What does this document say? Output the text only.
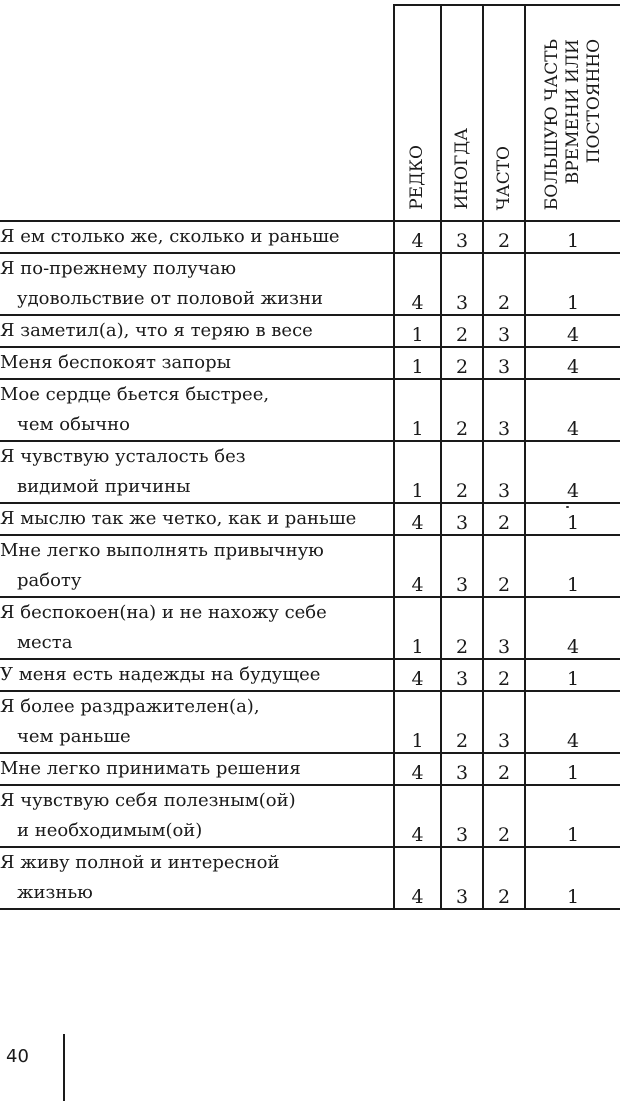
	РЕДКО	ИНОГДА	ЧАСТО	БОЛЬШУЮ ЧАСТЬ
ВРЕМЕНИ ИЛИ
ПОСТОЯННО

Я ем столько же, сколько и раньше	4	3	2	1

Я по-прежнему получаю
удовольствие от половой жизни	4	3	2	1

Я заметил(а), что я теряю в весе	1	2	3	4

Меня беспокоят запоры	1	2	3	4

Мое сердце бьется быстрее,
чем обычно	1	2	3	4

Я чувствую усталость без
видимой причины	1	2	3	4

Я мыслю так же четко, как и раньше	4	3	2	1

Мне легко выполнять привычную
работу	4	3	2	1

Я беспокоен(на) и не нахожу себе
места	1	2	3	4

У меня есть надежды на будущее	4	3	2	1

Я более раздражителен(а),
чем раньше	1	2	3	4

Мне легко принимать решения	4	3	2	1

Я чувствую себя полезным(ой)
и необходимым(ой)	4	3	2	1

Я живу полной и интересной
жизнью	4	3	2	1
40
